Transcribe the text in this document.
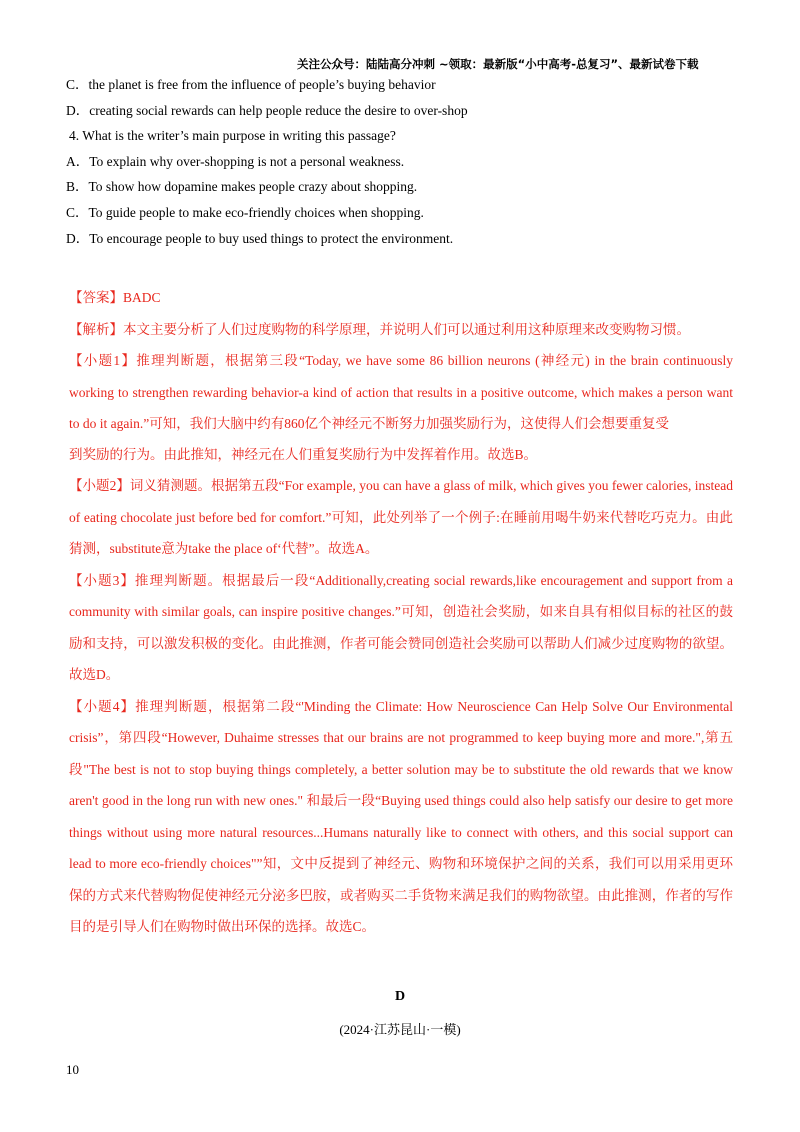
关注公众号：陆陆高分冲刺 ~领取：最新版“小中高考-总复习”、最新试卷下载
C．the planet is free from the influence of people’s buying behavior
D．creating social rewards can help people reduce the desire to over-shop
4. What is the writer’s main purpose in writing this passage?
A．To explain why over-shopping is not a personal weakness.
B．To show how dopamine makes people crazy about shopping.
C．To guide people to make eco-friendly choices when shopping.
D．To encourage people to buy used things to protect the environment.

【答案】BADC

【解析】本文主要分析了人们过度购物的科学原理，并说明人们可以通过利用这种原理来改变购物习惯。

【小题1】推理判断题，根据第三段“Today, we have some 86 billion neurons (神经元) in the brain continuously working to strengthen rewarding behavior-a kind of action that results in a positive outcome, which makes a person want to do it again.”可知，我们大脑中约有860亿个神经元不断努力加强奖励行为，这使得人们会想要重复受

到奖励的行为。由此推知，神经元在人们重复奖励行为中发挥着作用。故选B。

【小题2】词义猜测题。根据第五段“For example, you can have a glass of milk, which gives you fewer calories, instead of eating chocolate just before bed for comfort.”可知，此处列举了一个例子:在睡前用喝牛奶来代替吃巧克力。由此猜测，substitute意为take the place of‘代替”。故选A。

【小题3】推理判断题。根据最后一段“Additionally,creating social rewards,like encouragement and support from a community with similar goals, can inspire positive changes.”可知，创造社会奖励，如来自具有相似目标的社区的鼓励和支持，可以激发积极的变化。由此推测，作者可能会赞同创造社会奖励可以帮助人们减少过度购物的欲望。故选D。

【小题4】推理判断题，根据第二段“'Minding the Climate: How Neuroscience Can Help Solve Our Environmental crisis”，第四段“However, Duhaime stresses that our brains are not programmed to keep buying more and more.",第五段"The best is not to stop buying things completely, a better solution may be to substitute the old rewards that we know aren't good in the long run with new ones." 和最后一段“Buying used things could also help satisfy our desire to get more things without using more natural resources...Humans naturally like to connect with others, and this social support can lead to more eco-friendly choices"”知，文中反提到了神经元、购物和环境保护之间的关系，我们可以用采用更环保的方式来代替购物促使神经元分泌多巴胺，或者购买二手货物来满足我们的购物欲望。由此推测，作者的写作目的是引导人们在购物时做出环保的选择。故选C。

D
(2024·江苏昆山·一模)
10
